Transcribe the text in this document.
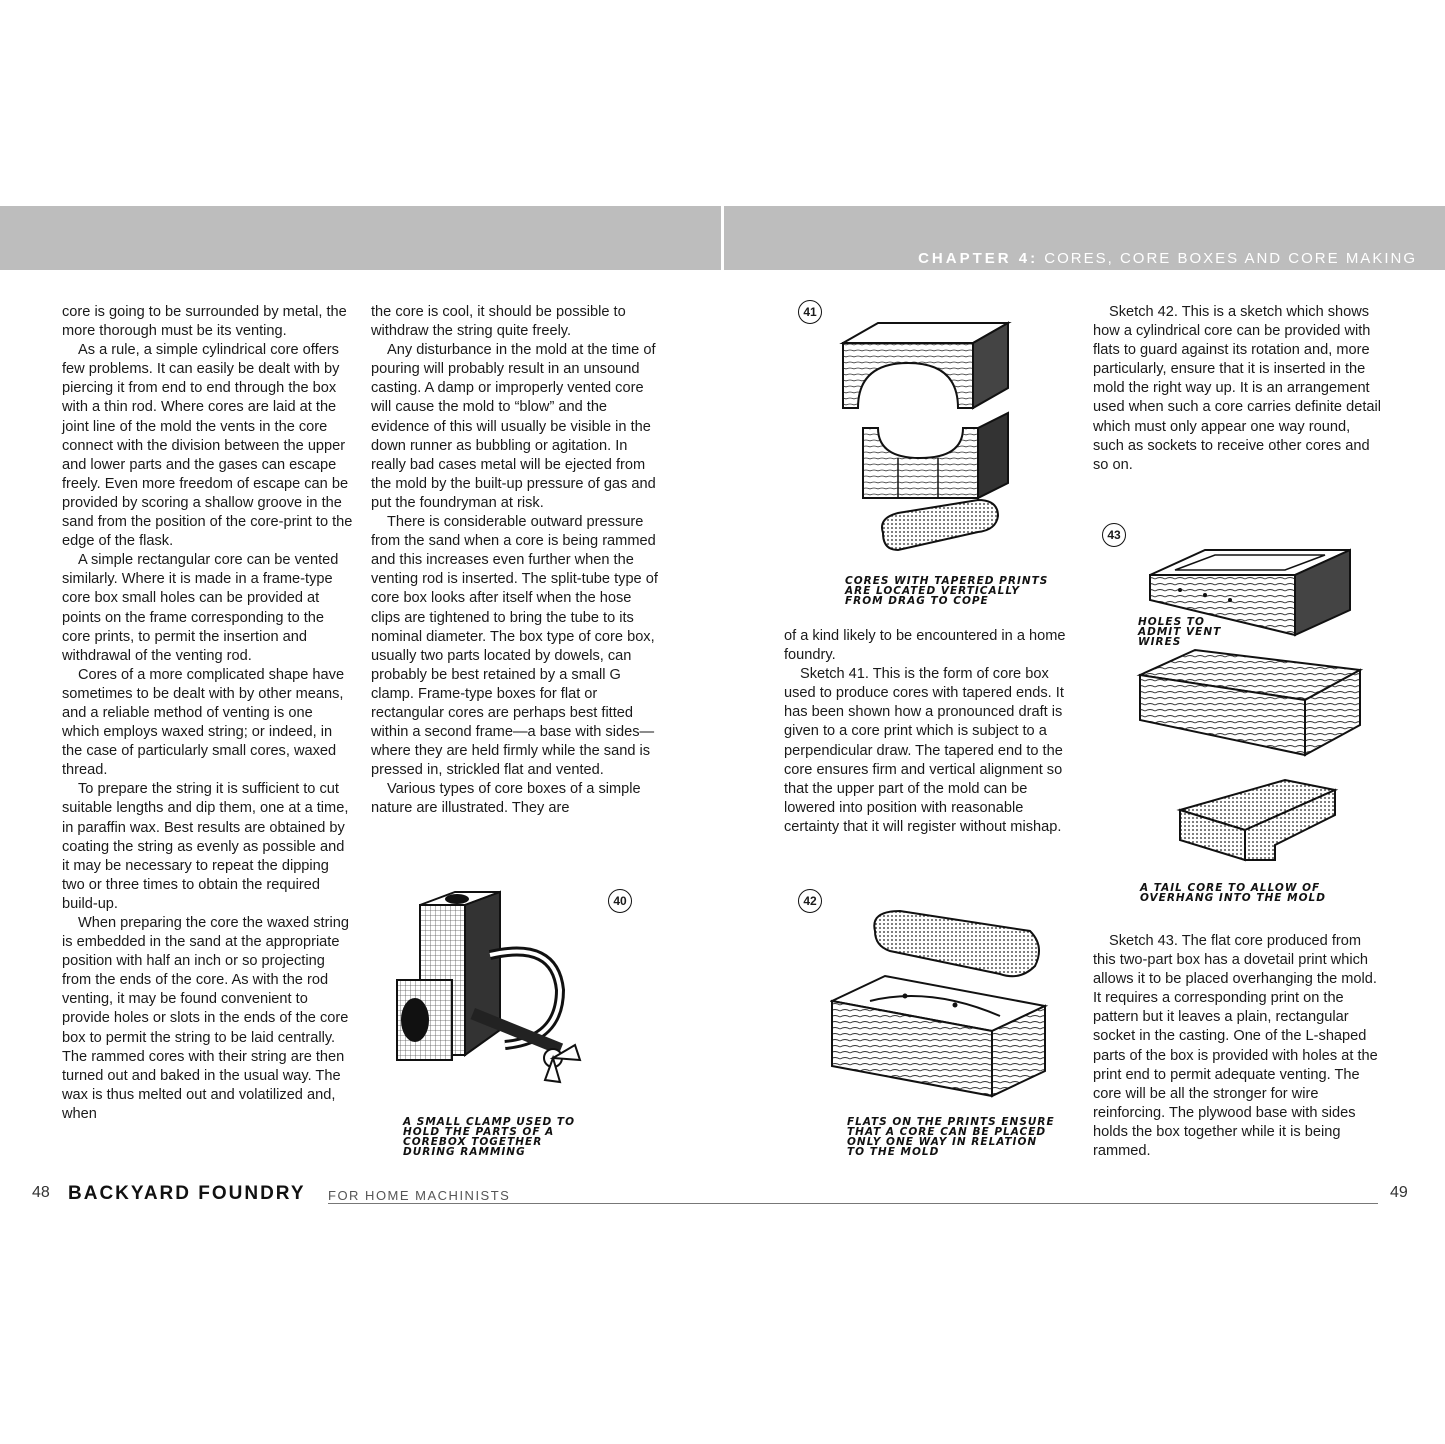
CHAPTER 4: CORES, CORE BOXES AND CORE MAKING

core is going to be surrounded by metal, the more thorough must be its venting.

As a rule, a simple cylindrical core offers few problems. It can easily be dealt with by piercing it from end to end through the box with a thin rod. Where cores are laid at the joint line of the mold the vents in the core connect with the division between the upper and lower parts and the gases can escape freely. Even more freedom of escape can be provided by scoring a shallow groove in the sand from the position of the core-print to the edge of the flask.

A simple rectangular core can be vented similarly. Where it is made in a frame-type core box small holes can be provided at points on the frame corresponding to the core prints, to permit the insertion and withdrawal of the venting rod.

Cores of a more complicated shape have sometimes to be dealt with by other means, and a reliable method of venting is one which employs waxed string; or indeed, in the case of particularly small cores, waxed thread.

To prepare the string it is sufficient to cut suitable lengths and dip them, one at a time, in paraffin wax. Best results are obtained by coating the string as evenly as possible and it may be necessary to repeat the dipping two or three times to obtain the required build-up.

When preparing the core the waxed string is embedded in the sand at the appropriate position with half an inch or so projecting from the ends of the core. As with the rod venting, it may be found convenient to provide holes or slots in the ends of the core box to permit the string to be laid centrally. The rammed cores with their string are then turned out and baked in the usual way. The wax is thus melted out and volatilized and, when

the core is cool, it should be possible to withdraw the string quite freely.

Any disturbance in the mold at the time of pouring will probably result in an unsound casting. A damp or improperly vented core will cause the mold to “blow” and the evidence of this will usually be visible in the down runner as bubbling or agitation. In really bad cases metal will be ejected from the mold by the built-up pressure of gas and put the foundryman at risk.

There is considerable outward pressure from the sand when a core is being rammed and this increases even further when the venting rod is inserted. The split-tube type of core box looks after itself when the hose clips are tightened to bring the tube to its nominal diameter. The box type of core box, usually two parts located by dowels, can probably be best retained by a small G clamp. Frame-type boxes for flat or rectangular cores are perhaps best fitted within a second frame—a base with sides—where they are held firmly while the sand is pressed in, strickled flat and vented.

Various types of core boxes of a simple nature are illustrated. They are

of a kind likely to be encountered in a home foundry.

Sketch 41. This is the form of core box used to produce cores with tapered ends. It has been shown how a pronounced draft is given to a core print which is subject to a perpendicular draw. The tapered end to the core ensures firm and vertical alignment so that the upper part of the mold can be lowered into position with reasonable certainty that it will register without mishap.

Sketch 42. This is a sketch which shows how a cylindrical core can be provided with flats to guard against its rotation and, more particularly, ensure that it is inserted in the mold the right way up. It is an arrangement used when such a core carries definite detail which must only appear one way round, such as sockets to receive other cores and so on.

Sketch 43. The flat core produced from this two-part box has a dovetail print which allows it to be placed overhanging the mold. It requires a corresponding print on the pattern but it leaves a plain, rectangular socket in the casting. One of the L-shaped parts of the box is provided with holes at the print end to permit adequate venting. The core will be all the stronger for wire reinforcing. The plywood base with sides holds the box together while it is being rammed.

40
A SMALL CLAMP USED TO
HOLD THE PARTS OF A
COREBOX TOGETHER
DURING RAMMING
41
CORES WITH TAPERED PRINTS
ARE LOCATED VERTICALLY
FROM DRAG TO COPE
42
FLATS ON THE PRINTS ENSURE
THAT A CORE CAN BE PLACED
ONLY ONE WAY IN RELATION
TO THE MOLD
43
HOLES TO
ADMIT VENT
WIRES
A TAIL CORE TO ALLOW OF
OVERHANG INTO THE MOLD
48 BACKYARD FOUNDRY FOR HOME MACHINISTS	49
